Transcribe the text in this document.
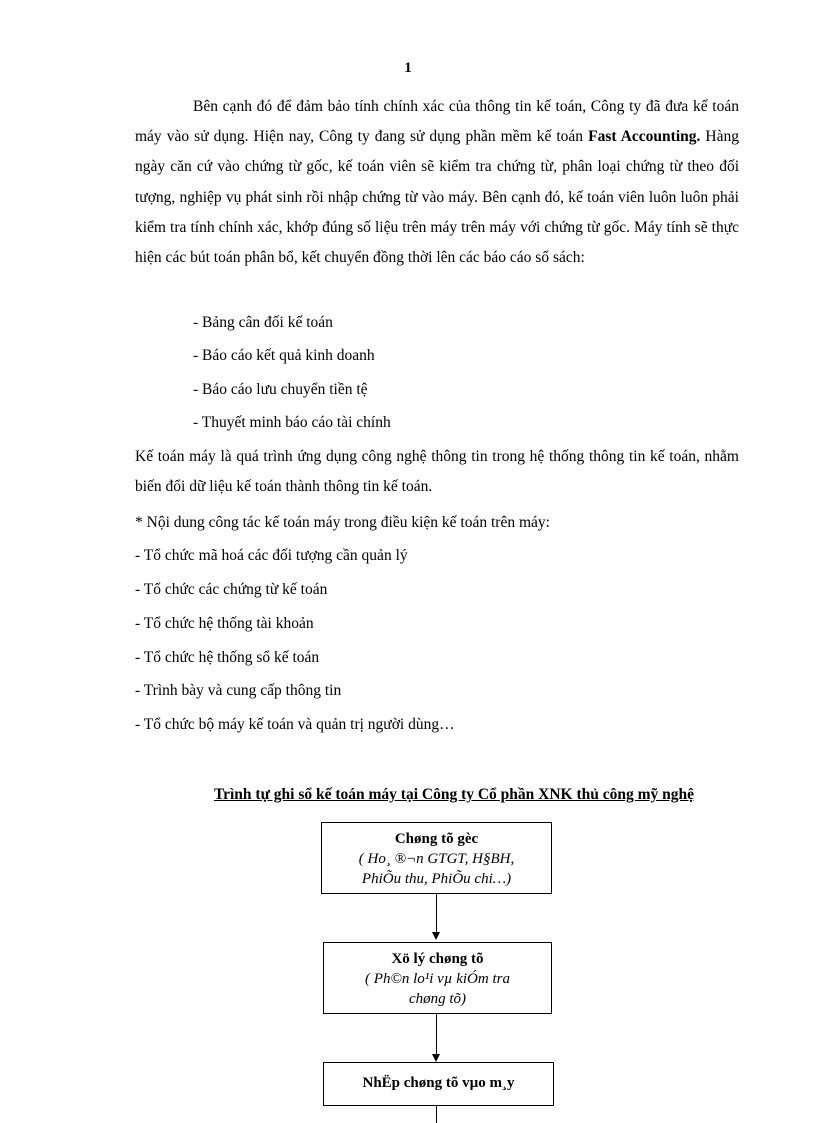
1

Bên cạnh đó để đảm bảo tính chính xác của thông tin kế toán, Công ty đã đưa kế toán máy vào sử dụng. Hiện nay, Công ty đang sử dụng phần mềm kế toán Fast Accounting. Hàng ngày căn cứ vào chứng từ gốc, kế toán viên sẽ kiểm tra chứng từ, phân loại chứng từ theo đối tượng, nghiệp vụ phát sinh rồi nhập chứng từ vào máy. Bên cạnh đó, kế toán viên luôn luôn phải kiểm tra tính chính xác, khớp đúng số liệu trên máy trên máy với chứng từ gốc. Máy tính sẽ thực hiện các bút toán phân bổ, kết chuyển đồng thời lên các báo cáo sổ sách:

- Bảng cân đối kế toán
- Báo cáo kết quả kinh doanh
- Báo cáo lưu chuyển tiền tệ
- Thuyết minh báo cáo tài chính

Kế toán máy là quá trình ứng dụng công nghệ thông tin trong hệ thống thông tin kế toán, nhằm biến đổi dữ liệu kế toán thành thông tin kế toán.

* Nội dung công tác kế toán máy trong điều kiện kế toán trên máy:
- Tổ chức mã hoá các đối tượng cần quản lý
- Tổ chức các chứng từ kế toán
- Tổ chức hệ thống tài khoản
- Tổ chức hệ thống sổ kế toán
- Trình bày và cung cấp thông tin
- Tổ chức bộ máy kế toán và quản trị người dùng…
Trình tự ghi sổ kế toán máy tại Công ty Cổ phần XNK thủ công mỹ nghệ
Chøng tõ gèc
( Ho¸ ®¬n GTGT, H§BH,
PhiÕu thu, PhiÕu chi…)
Xö lý chøng tõ
( Ph©n lo¹i vµ kiÓm tra
chøng tõ)
NhËp chøng tõ vµo m¸y
